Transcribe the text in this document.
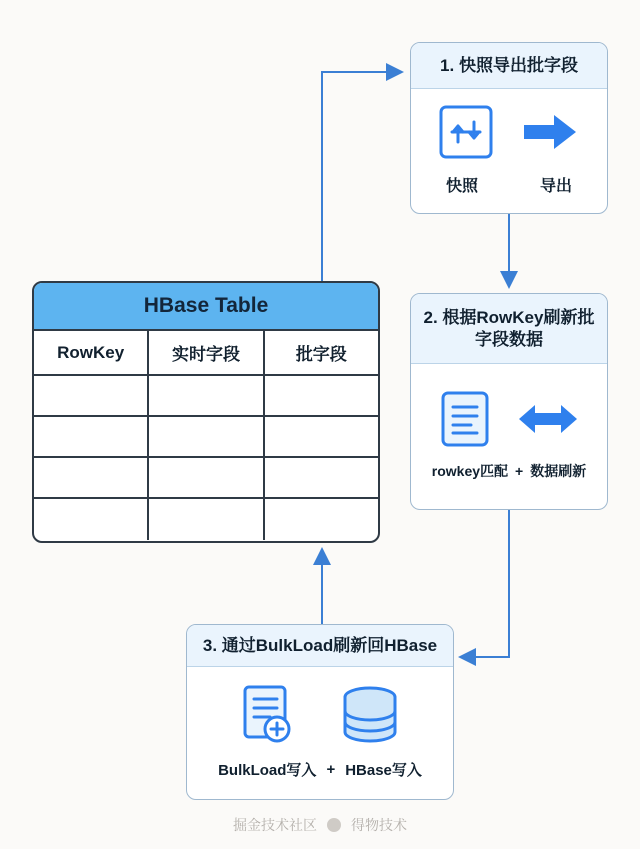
HBase Table
RowKey	实时字段	批字段
1. 快照导出批字段
快照	导出
2. 根据RowKey刷新批字段数据
rowkey匹配 + 数据刷新
3. 通过BulkLoad刷新回HBase
BulkLoad写入 + HBase写入
掘金技术社区 得物技术
